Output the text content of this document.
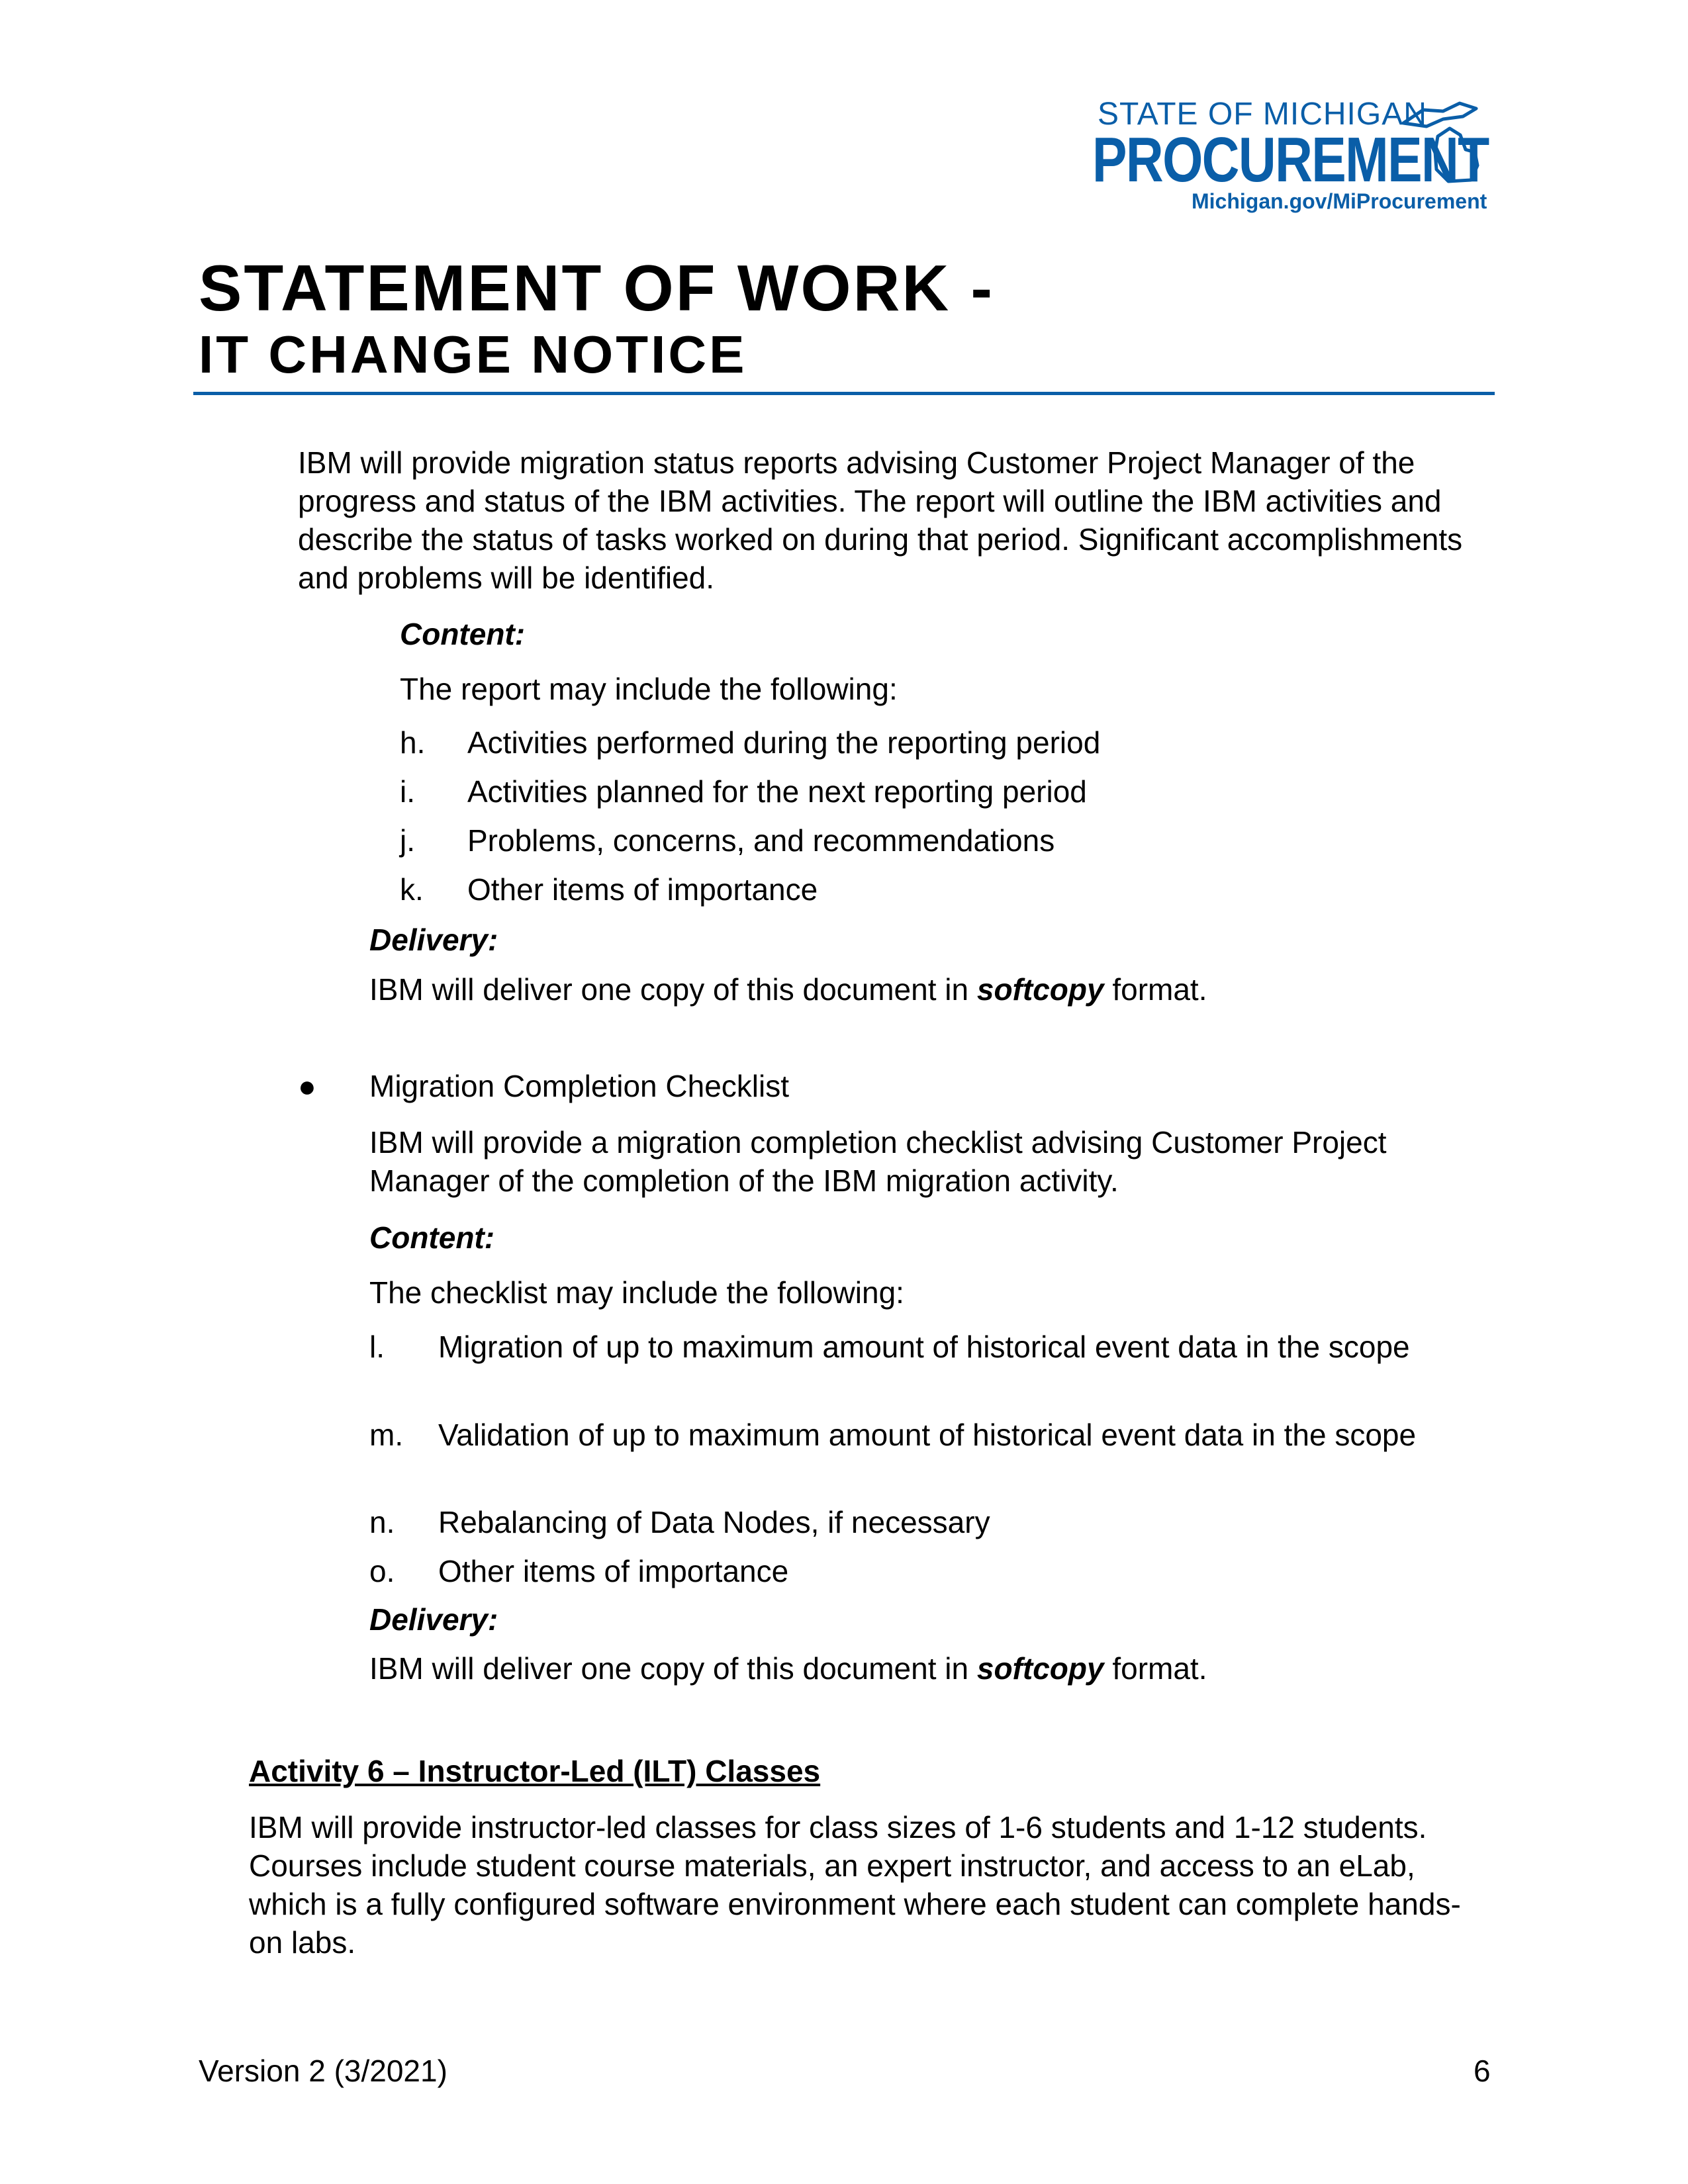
STATE OF MICHIGAN
PROCUREMENT
Michigan.gov/MiProcurement
STATEMENT OF WORK -
IT CHANGE NOTICE

IBM will provide migration status reports advising Customer Project Manager of the progress and status of the IBM activities. The report will outline the IBM activities and describe the status of tasks worked on during that period. Significant accomplishments and problems will be identified.

Content:
The report may include the following:
h. Activities performed during the reporting period
i. Activities planned for the next reporting period
j. Problems, concerns, and recommendations
k. Other items of importance
Delivery:
IBM will deliver one copy of this document in softcopy format.
● Migration Completion Checklist

IBM will provide a migration completion checklist advising Customer Project Manager of the completion of the IBM migration activity.

Content:
The checklist may include the following:
l. Migration of up to maximum amount of historical event data in the scope
m. Validation of up to maximum amount of historical event data in the scope
n. Rebalancing of Data Nodes, if necessary
o. Other items of importance
Delivery:
IBM will deliver one copy of this document in softcopy format.
Activity 6 – Instructor-Led (ILT) Classes

IBM will provide instructor-led classes for class sizes of 1-6 students and 1-12 students. Courses include student course materials, an expert instructor, and access to an eLab, which is a fully configured software environment where each student can complete hands-on labs.

Version 2 (3/2021)	6
